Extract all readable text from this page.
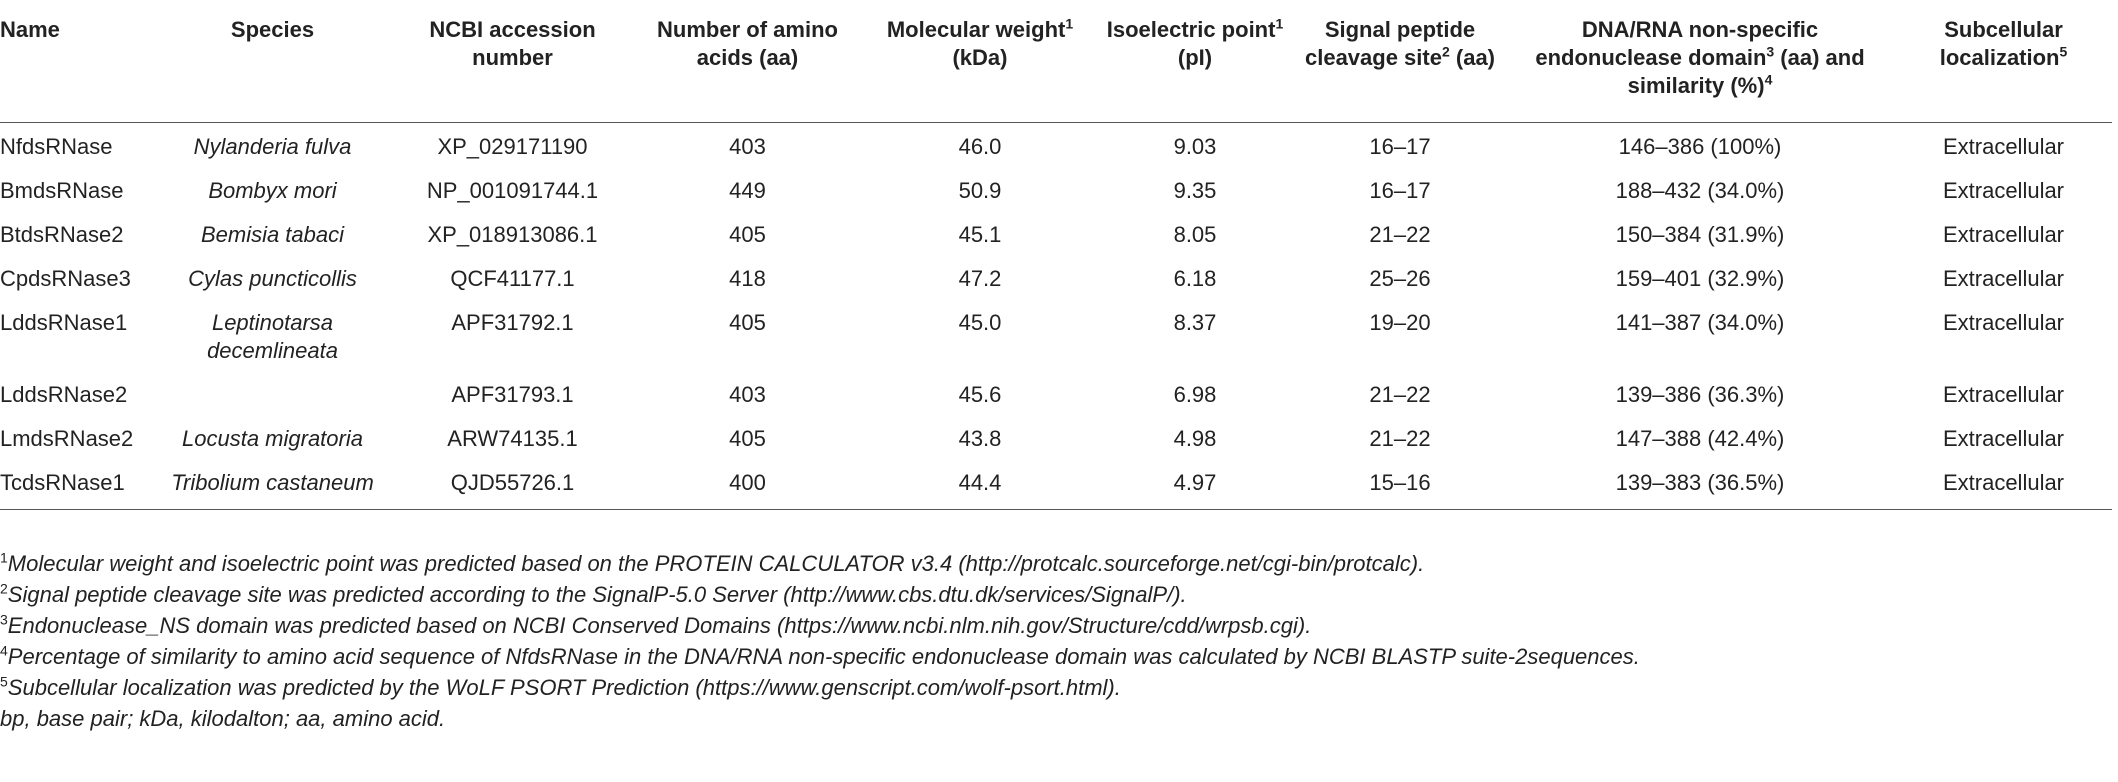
Name	Species	NCBI accession number	Number of amino acids (aa)	Molecular weight$^1$ (kDa)	Isoelectric point$^1$ (pI)	Signal peptide cleavage site$^2$ (aa)	DNA/RNA non-specific endonuclease domain$^3$ (aa) and similarity (%)$^4$	Subcellular localization$^5$
NfdsRNase	Nylanderia fulva	XP_029171190	403	46.0	9.03	16–17	146–386 (100%)	Extracellular
BmdsRNase	Bombyx mori	NP_001091744.1	449	50.9	9.35	16–17	188–432 (34.0%)	Extracellular
BtdsRNase2	Bemisia tabaci	XP_018913086.1	405	45.1	8.05	21–22	150–384 (31.9%)	Extracellular
CpdsRNase3	Cylas puncticollis	QCF41177.1	418	47.2	6.18	25–26	159–401 (32.9%)	Extracellular
LddsRNase1	Leptinotarsa decemlineata	APF31792.1	405	45.0	8.37	19–20	141–387 (34.0%)	Extracellular
LddsRNase2		APF31793.1	403	45.6	6.98	21–22	139–386 (36.3%)	Extracellular
LmdsRNase2	Locusta migratoria	ARW74135.1	405	43.8	4.98	21–22	147–388 (42.4%)	Extracellular
TcdsRNase1	Tribolium castaneum	QJD55726.1	400	44.4	4.97	15–16	139–383 (36.5%)	Extracellular
$^1$Molecular weight and isoelectric point was predicted based on the PROTEIN CALCULATOR v3.4 (http://protcalc.sourceforge.net/cgi-bin/protcalc).
$^2$Signal peptide cleavage site was predicted according to the SignalP-5.0 Server (http://www.cbs.dtu.dk/services/SignalP/).
$^3$Endonuclease_NS domain was predicted based on NCBI Conserved Domains (https://www.ncbi.nlm.nih.gov/Structure/cdd/wrpsb.cgi).
$^4$Percentage of similarity to amino acid sequence of NfdsRNase in the DNA/RNA non-specific endonuclease domain was calculated by NCBI BLASTP suite-2sequences.
$^5$Subcellular localization was predicted by the WoLF PSORT Prediction (https://www.genscript.com/wolf-psort.html).
bp, base pair; kDa, kilodalton; aa, amino acid.
